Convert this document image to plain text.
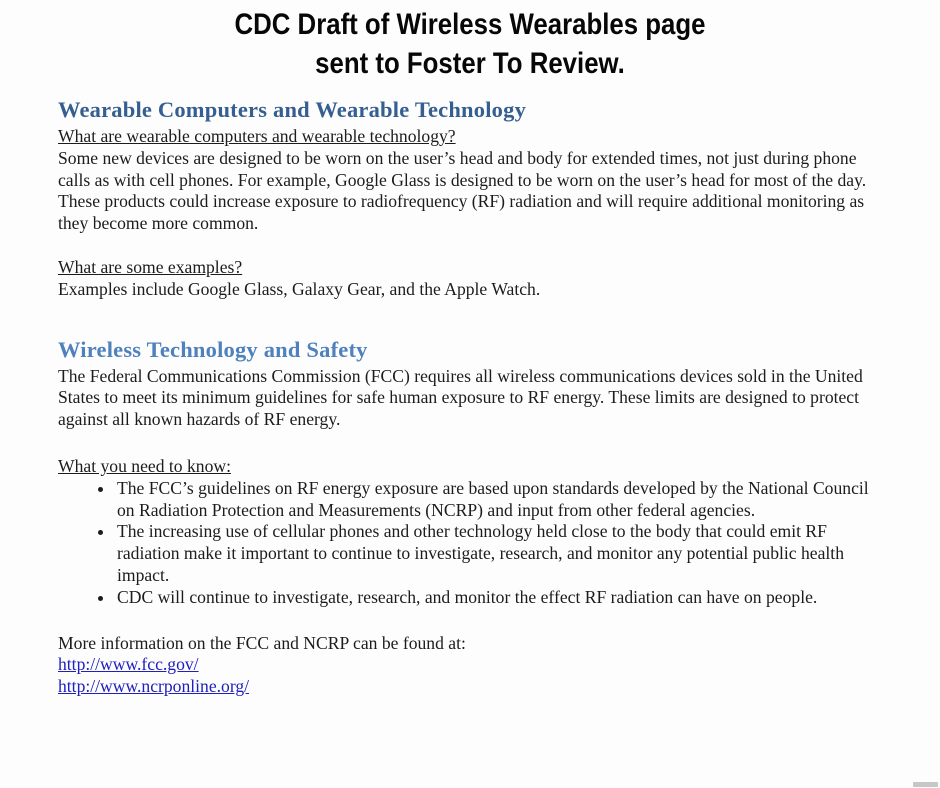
CDC Draft of Wireless Wearables page
sent to Foster To Review.
Wearable Computers and Wearable Technology
What are wearable computers and wearable technology?

Some new devices are designed to be worn on the user’s head and body for extended times, not just during phone calls as with cell phones. For example, Google Glass is designed to be worn on the user’s head for most of the day. These products could increase exposure to radiofrequency (RF) radiation and will require additional monitoring as they become more common.

What are some examples?

Examples include Google Glass, Galaxy Gear, and the Apple Watch.

Wireless Technology and Safety

The Federal Communications Commission (FCC) requires all wireless communications devices sold in the United States to meet its minimum guidelines for safe human exposure to RF energy. These limits are designed to protect against all known hazards of RF energy.

What you need to know:
• The FCC’s guidelines on RF energy exposure are based upon standards developed by the National Council on Radiation Protection and Measurements (NCRP) and input from other federal agencies.
• The increasing use of cellular phones and other technology held close to the body that could emit RF radiation make it important to continue to investigate, research, and monitor any potential public health impact.
• CDC will continue to investigate, research, and monitor the effect RF radiation can have on people.

More information on the FCC and NCRP can be found at:

http://www.fcc.gov/
http://www.ncrponline.org/
